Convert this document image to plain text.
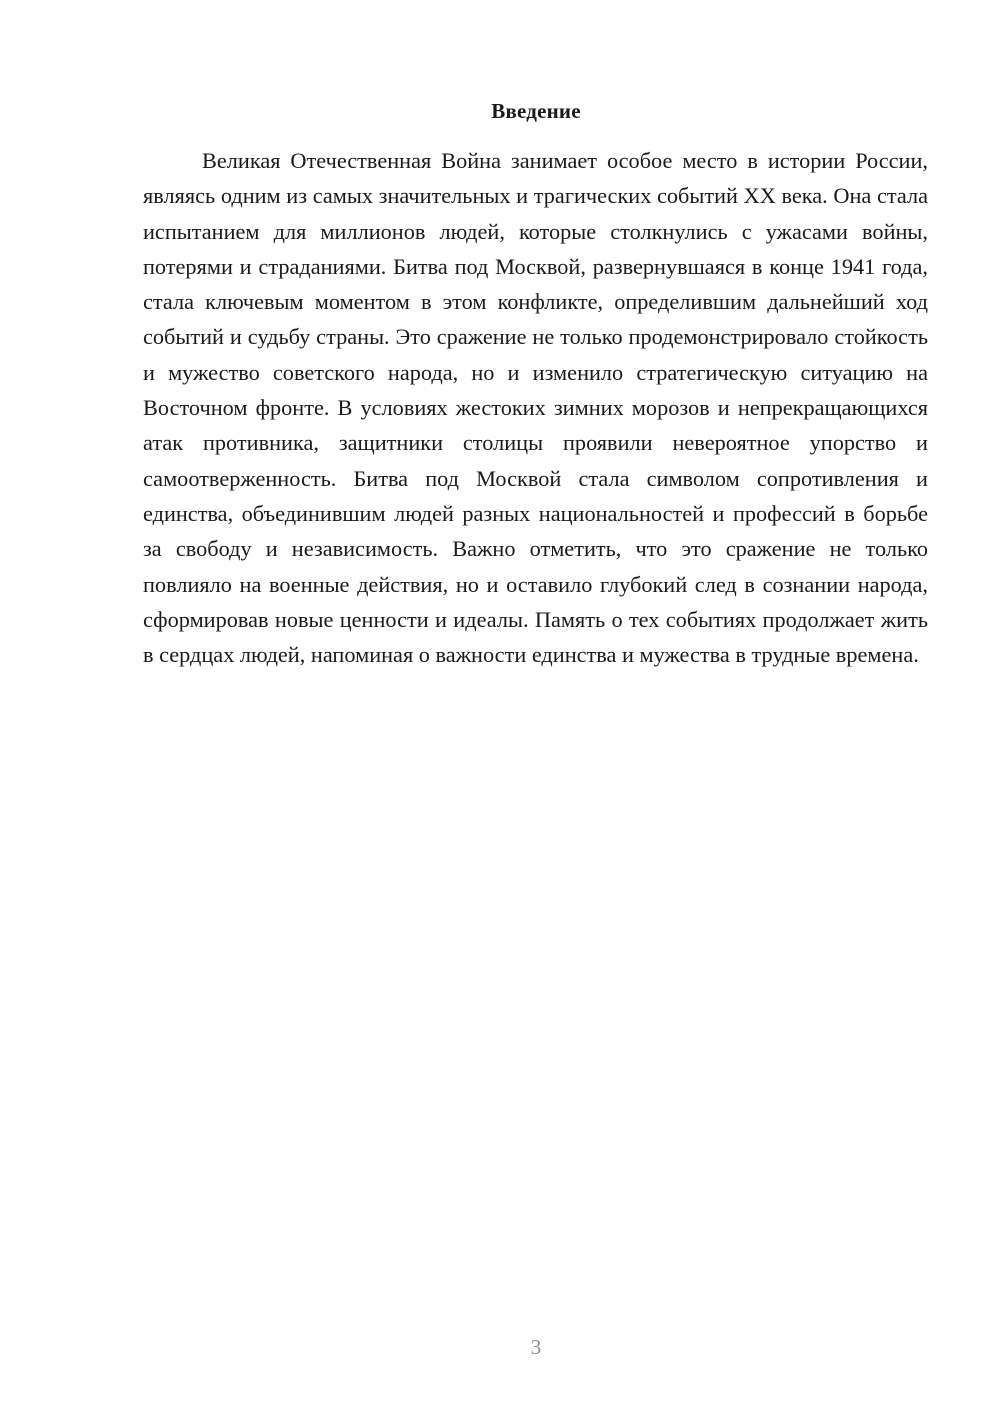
Введение

Великая Отечественная Война занимает особое место в истории России, являясь одним из самых значительных и трагических событий XX века. Она стала испытанием для миллионов людей, которые столкнулись с ужасами войны, потерями и страданиями. Битва под Москвой, развернувшаяся в конце 1941 года, стала ключевым моментом в этом конфликте, определившим дальнейший ход событий и судьбу страны. Это сражение не только продемонстрировало стойкость и мужество советского народа, но и изменило стратегическую ситуацию на Восточном фронте. В условиях жестоких зимних морозов и непрекращающихся атак противника, защитники столицы проявили невероятное упорство и самоотверженность. Битва под Москвой стала символом сопротивления и единства, объединившим людей разных национальностей и профессий в борьбе за свободу и независимость. Важно отметить, что это сражение не только повлияло на военные действия, но и оставило глубокий след в сознании народа, сформировав новые ценности и идеалы. Память о тех событиях продолжает жить в сердцах людей, напоминая о важности единства и мужества в трудные времена.

3
